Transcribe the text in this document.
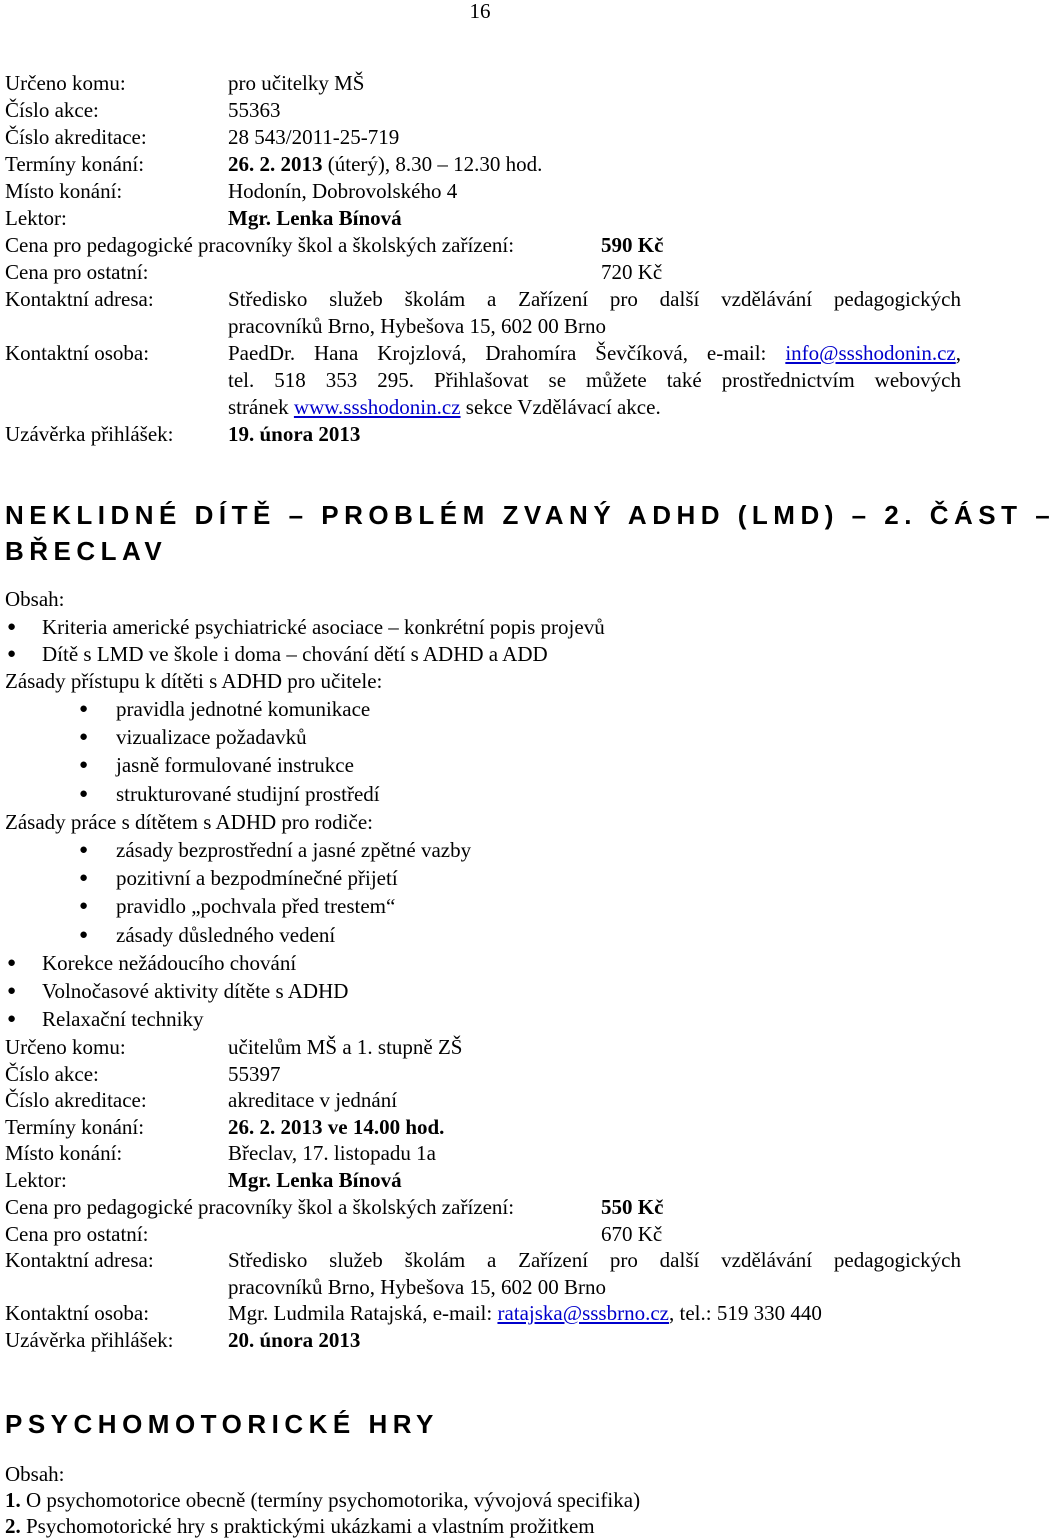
16
Určeno komu:	pro učitelky MŠ
Číslo akce:	55363
Číslo akreditace:	28 543/2011-25-719
Termíny konání:	26. 2. 2013 (úterý), 8.30 – 12.30 hod.
Místo konání:	Hodonín, Dobrovolského 4
Lektor:	Mgr. Lenka Bínová
Cena pro pedagogické pracovníky škol a školských zařízení:	590 Kč
Cena pro ostatní:	720 Kč
Kontaktní adresa:	Středisko služeb školám a Zařízení pro další vzdělávání pedagogických
pracovníků Brno, Hybešova 15, 602 00 Brno
Kontaktní osoba:	PaedDr. Hana Krojzlová, Drahomíra Ševčíková, e-mail: info@ssshodonin.cz,
tel. 518 353 295. Přihlašovat se můžete také prostřednictvím webových
stránek www.ssshodonin.cz sekce Vzdělávací akce.
Uzávěrka přihlášek:	19. února 2013
NEKLIDNÉ DÍTĚ – PROBLÉM ZVANÝ ADHD (LMD) – 2. ČÁST –
BŘECLAV
Obsah:
● Kriteria americké psychiatrické asociace – konkrétní popis projevů
● Dítě s LMD ve škole i doma – chování dětí s ADHD a ADD
Zásady přístupu k dítěti s ADHD pro učitele:
● pravidla jednotné komunikace
● vizualizace požadavků
● jasně formulované instrukce
● strukturované studijní prostředí
Zásady práce s dítětem s ADHD pro rodiče:
● zásady bezprostřední a jasné zpětné vazby
● pozitivní a bezpodmínečné přijetí
● pravidlo „pochvala před trestem“
● zásady důsledného vedení
● Korekce nežádoucího chování
● Volnočasové aktivity dítěte s ADHD
● Relaxační techniky
Určeno komu:	učitelům MŠ a 1. stupně ZŠ
Číslo akce:	55397
Číslo akreditace:	akreditace v jednání
Termíny konání:	26. 2. 2013 ve 14.00 hod.
Místo konání:	Břeclav, 17. listopadu 1a
Lektor:	Mgr. Lenka Bínová
Cena pro pedagogické pracovníky škol a školských zařízení:	550 Kč
Cena pro ostatní:	670 Kč
Kontaktní adresa:	Středisko služeb školám a Zařízení pro další vzdělávání pedagogických
pracovníků Brno, Hybešova 15, 602 00 Brno
Kontaktní osoba:	Mgr. Ludmila Ratajská, e-mail: ratajska@sssbrno.cz, tel.: 519 330 440
Uzávěrka přihlášek:	20. února 2013
PSYCHOMOTORICKÉ HRY
Obsah:
1. O psychomotorice obecně (termíny psychomotorika, vývojová specifika)
2. Psychomotorické hry s praktickými ukázkami a vlastním prožitkem
